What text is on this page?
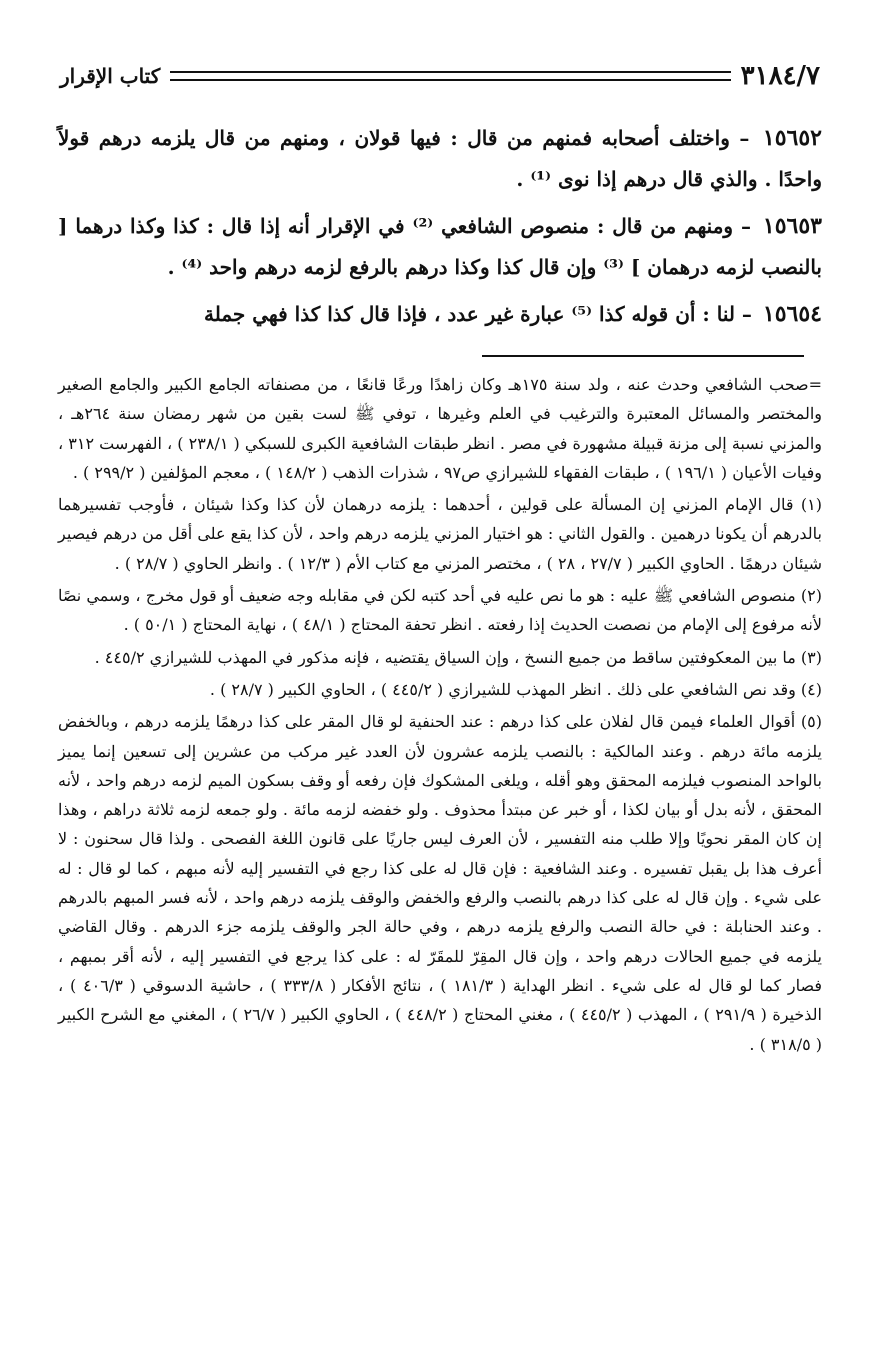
كتاب الإقرار	٣١٨٤/٧

١٥٦٥٢ – واختلف أصحابه فمنهم من قال : فيها قولان ، ومنهم من قال يلزمه درهم قولاً واحدًا . والذي قال درهم إذا نوى ⁽¹⁾ .

١٥٦٥٣ – ومنهم من قال : منصوص الشافعي ⁽²⁾ في الإقرار أنه إذا قال : كذا وكذا درهما [ بالنصب لزمه درهمان ] ⁽³⁾ وإن قال كذا وكذا درهم بالرفع لزمه درهم واحد ⁽⁴⁾ .

١٥٦٥٤ – لنا : أن قوله كذا ⁽⁵⁾ عبارة غير عدد ، فإذا قال كذا كذا فهي جملة

=صحب الشافعي وحدث عنه ، ولد سنة ١٧٥هـ وكان زاهدًا ورعًا قانعًا ، من مصنفاته الجامع الكبير والجامع الصغير والمختصر والمسائل المعتبرة والترغيب في العلم وغيرها ، توفي ﷺ لست بقين من شهر رمضان سنة ٢٦٤هـ ، والمزني نسبة إلى مزنة قبيلة مشهورة في مصر . انظر طبقات الشافعية الكبرى للسبكي ( ٢٣٨/١ ) ، الفهرست ٣١٢ ، وفيات الأعيان ( ١٩٦/١ ) ، طبقات الفقهاء للشيرازي ص٩٧ ، شذرات الذهب ( ١٤٨/٢ ) ، معجم المؤلفين ( ٢٩٩/٢ ) .

(١) قال الإمام المزني إن المسألة على قولين ، أحدهما : يلزمه درهمان لأن كذا وكذا شيئان ، فأوجب تفسيرهما بالدرهم أن يكونا درهمين . والقول الثاني : هو اختيار المزني يلزمه درهم واحد ، لأن كذا يقع على أقل من درهم فيصير شيئان درهمًا . الحاوي الكبير ( ٢٧/٧ ، ٢٨ ) ، مختصر المزني مع كتاب الأم ( ١٢/٣ ) . وانظر الحاوي ( ٢٨/٧ ) .

(٢) منصوص الشافعي ﷺ عليه : هو ما نص عليه في أحد كتبه لكن في مقابله وجه ضعيف أو قول مخرج ، وسمي نصًا لأنه مرفوع إلى الإمام من نصصت الحديث إذا رفعته . انظر تحفة المحتاج ( ٤٨/١ ) ، نهاية المحتاج ( ٥٠/١ ) .

(٣) ما بين المعكوفتين ساقط من جميع النسخ ، وإن السياق يقتضيه ، فإنه مذكور في المهذب للشيرازي ٤٤٥/٢ .

(٤) وقد نص الشافعي على ذلك . انظر المهذب للشيرازي ( ٤٤٥/٢ ) ، الحاوي الكبير ( ٢٨/٧ ) .

(٥) أقوال العلماء فيمن قال لفلان على كذا درهم : عند الحنفية لو قال المقر على كذا درهمًا يلزمه درهم ، وبالخفض يلزمه مائة درهم . وعند المالكية : بالنصب يلزمه عشرون لأن العدد غير مركب من عشرين إلى تسعين إنما يميز بالواحد المنصوب فيلزمه المحقق وهو أقله ، ويلغى المشكوك فإن رفعه أو وقف بسكون الميم لزمه درهم واحد ، لأنه المحقق ، لأنه بدل أو بيان لكذا ، أو خبر عن مبتدأ محذوف . ولو خفضه لزمه مائة . ولو جمعه لزمه ثلاثة دراهم ، وهذا إن كان المقر نحويًا وإلا طلب منه التفسير ، لأن العرف ليس جاريًا على قانون اللغة الفصحى . ولذا قال سحنون : لا أعرف هذا بل يقبل تفسيره . وعند الشافعية : فإن قال له على كذا رجع في التفسير إليه لأنه مبهم ، كما لو قال : له على شيء . وإن قال له على كذا درهم بالنصب والرفع والخفض والوقف يلزمه درهم واحد ، لأنه فسر المبهم بالدرهم . وعند الحنابلة : في حالة النصب والرفع يلزمه درهم ، وفي حالة الجر والوقف يلزمه جزء الدرهم . وقال القاضي يلزمه في جميع الحالات درهم واحد ، وإن قال المقِرّ للمقَرّ له : على كذا يرجع في التفسير إليه ، لأنه أقر بمبهم ، فصار كما لو قال له على شيء . انظر الهداية ( ١٨١/٣ ) ، نتائج الأفكار ( ٣٣٣/٨ ) ، حاشية الدسوقي ( ٤٠٦/٣ ) ، الذخيرة ( ٢٩١/٩ ) ، المهذب ( ٤٤٥/٢ ) ، مغني المحتاج ( ٤٤٨/٢ ) ، الحاوي الكبير ( ٢٦/٧ ) ، المغني مع الشرح الكبير ( ٣١٨/٥ ) .
